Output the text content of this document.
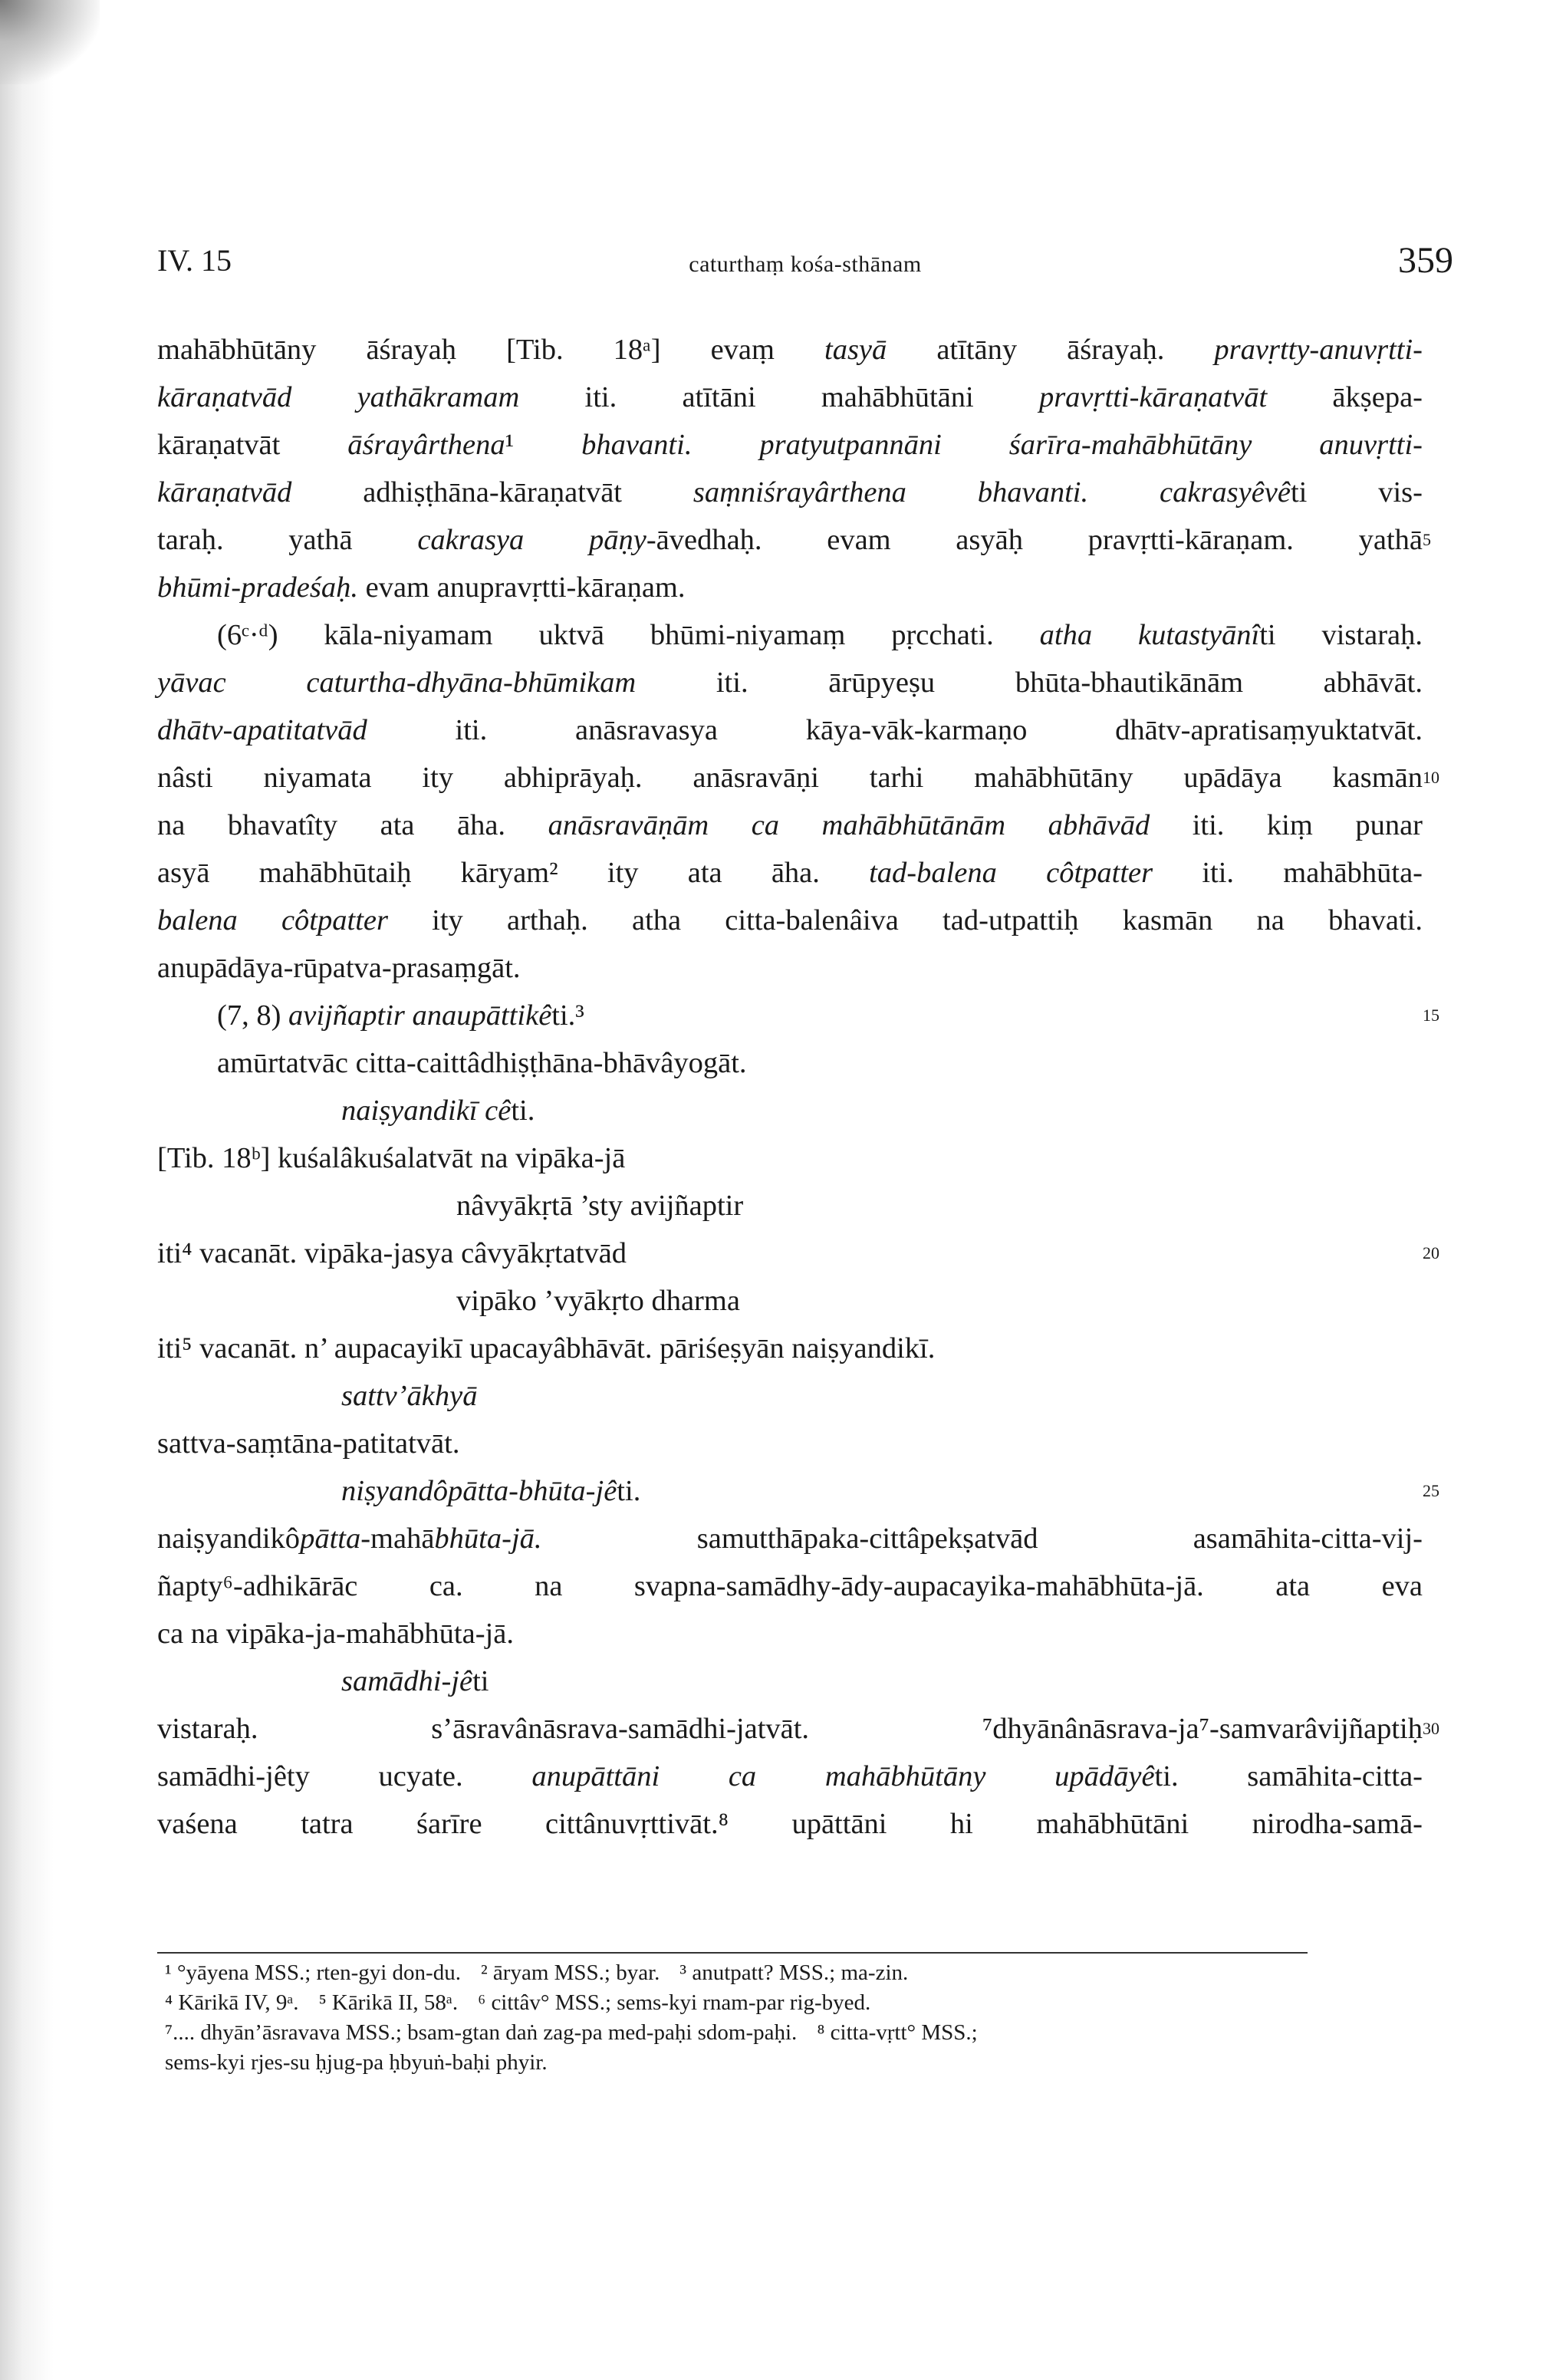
IV. 15	caturthaṃ kośa-sthānam	359
mahābhūtāny āśrayaḥ [Tib. 18ᵃ] evaṃ tasyā atītāny āśrayaḥ. pravṛtty-anuvṛtti-
kāraṇatvād yathākramam iti. atītāni mahābhūtāni pravṛtti-kāraṇatvāt ākṣepa-
kāraṇatvāt āśrayârthena¹ bhavanti. pratyutpannāni śarīra-mahābhūtāny anuvṛtti-
kāraṇatvād adhiṣṭhāna-kāraṇatvāt saṃniśrayârthena bhavanti. cakrasyêvêti vis-
taraḥ. yathā cakrasya pāṇy-āvedhaḥ. evam asyāḥ pravṛtti-kāraṇam. yathā 5
bhūmi-pradeśaḥ. evam anupravṛtti-kāraṇam.
(6ᶜ·ᵈ) kāla-niyamam uktvā bhūmi-niyamaṃ pṛcchati. atha kutastyānîti vistaraḥ.
yāvac caturtha-dhyāna-bhūmikam iti. ārūpyeṣu bhūta-bhautikānām abhāvāt.
dhātv-apatitatvād iti. anāsravasya kāya-vāk-karmaṇo dhātv-apratisaṃyuktatvāt.
nâsti niyamata ity abhiprāyaḥ. anāsravāṇi tarhi mahābhūtāny upādāya kasmān 10
na bhavatîty ata āha. anāsravāṇām ca mahābhūtānām abhāvād iti. kiṃ punar
asyā mahābhūtaiḥ kāryam² ity ata āha. tad-balena côtpatter iti. mahābhūta-
balena côtpatter ity arthaḥ. atha citta-balenâiva tad-utpattiḥ kasmān na bhavati.
anupādāya-rūpatva-prasaṃgāt.
(7, 8) avijñaptir anaupāttikêti.³	15
amūrtatvāc citta-caittâdhiṣṭhāna-bhāvâyogāt.
naiṣyandikī cêti.
[Tib. 18ᵇ] kuśalâkuśalatvāt na vipāka-jā
nâvyākṛtā ’sty avijñaptir
iti⁴ vacanāt. vipāka-jasya câvyākṛtatvād	20
vipāko ’vyākṛto dharma
iti⁵ vacanāt. n’ aupacayikī upacayâbhāvāt. pāriśeṣyān naiṣyandikī.
sattv’ākhyā
sattva-saṃtāna-patitatvāt.
niṣyandôpātta-bhūta-jêti.	25
naiṣyandikôpātta-mahābhūta-jā. samutthāpaka-cittâpekṣatvād asamāhita-citta-vij-
ñapty⁶-adhikārāc ca. na svapna-samādhy-ādy-aupacayika-mahābhūta-jā. ata eva
ca na vipāka-ja-mahābhūta-jā.
samādhi-jêti
vistaraḥ. s’āsravânāsrava-samādhi-jatvāt. ⁷dhyānânāsrava-ja⁷-samvarâvijñaptiḥ 30
samādhi-jêty ucyate. anupāttāni ca mahābhūtāny upādāyêti. samāhita-citta-
vaśena tatra śarīre cittânuvṛttivāt.⁸ upāttāni hi mahābhūtāni nirodha-samā-
¹ °yāyena MSS.; rten-gyi don-du. ² āryam MSS.; byar. ³ anutpatt? MSS.; ma-zin.
⁴ Kārikā IV, 9ᵃ. ⁵ Kārikā II, 58ᵃ. ⁶ cittâv° MSS.; sems-kyi rnam-par rig-byed.
⁷.... dhyān’āsravava MSS.; bsam-gtan daṅ zag-pa med-paḥi sdom-paḥi. ⁸ citta-vṛtt° MSS.;
sems-kyi rjes-su ḥjug-pa ḥbyuṅ-baḥi phyir.
